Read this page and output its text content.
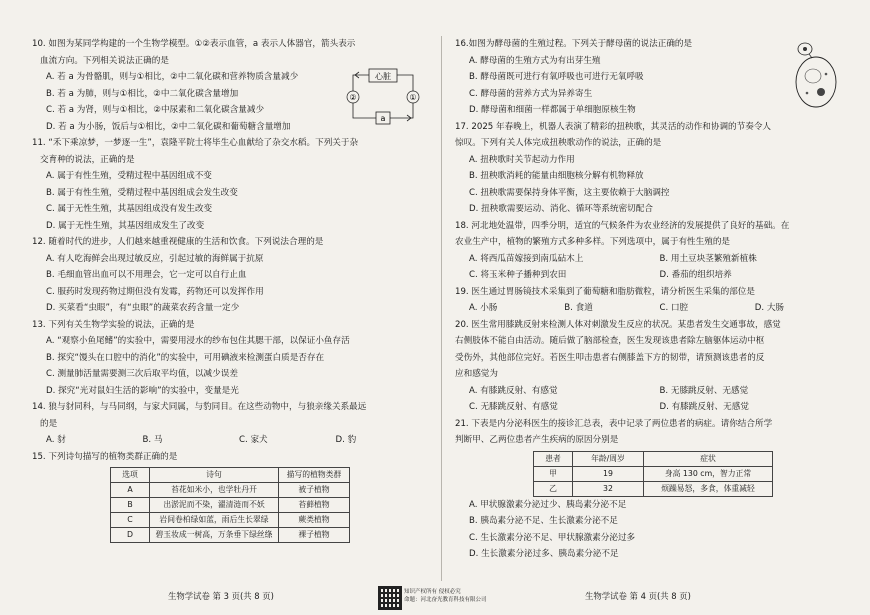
10. 如图为某同学构建的一个生物学模型。①②表示血管，a 表示人体器官，箭头表示
血流方向。下列相关说法正确的是
A. 若 a 为骨骼肌，则与①相比，②中二氧化碳和营养物质含量减少
B. 若 a 为肺，则与①相比，②中二氧化碳含量增加
C. 若 a 为肾，则与①相比，②中尿素和二氧化碳含量减少
D. 若 a 为小肠，饭后与①相比，②中二氧化碳和葡萄糖含量增加
11. “禾下乘凉梦，一梦逐一生”，袁隆平院士将毕生心血献给了杂交水稻。下列关于杂
交育种的说法，正确的是
A. 属于有性生殖，受精过程中基因组成不变
B. 属于有性生殖，受精过程中基因组成会发生改变
C. 属于无性生殖，其基因组成没有发生改变
D. 属于无性生殖，其基因组成发生了改变
12. 随着时代的进步，人们越来越重视健康的生活和饮食。下列说法合理的是
A. 有人吃海鲜会出现过敏反应，引起过敏的海鲜属于抗原
B. 毛细血管出血可以不用理会，它一定可以自行止血
C. 服药时发现药物过期但没有发霉，药物还可以发挥作用
D. 买菜看“虫眼”，有“虫眼”的蔬菜农药含量一定少
13. 下列有关生物学实验的说法，正确的是
A. “观察小鱼尾鳍”的实验中，需要用浸水的纱布包住其腮干部，以保证小鱼存活
B. 探究“馒头在口腔中的消化”的实验中，可用碘液来检测蛋白质是否存在
C. 测量肺活量需要测三次后取平均值，以减少误差
D. 探究“光对鼠妇生活的影响”的实验中，变量是光
14. 狼与豺同科，与马同纲，与家犬同属，与豹同目。在这些动物中，与狼亲缘关系最远
的是
A. 豺	B. 马	C. 家犬	D. 豹
15. 下列诗句描写的植物类群正确的是
选项	诗句	描写的植物类群
A	苔花如米小，也学牡丹开	被子植物
B	出淤泥而不染，濯清涟而不妖	苔藓植物
C	岩间卷柏绿如蓝，雨后生长翠绿	蕨类植物
D	碧玉妆成一树高，万条垂下绿丝绦	裸子植物
心脏
②	①
a
16.如图为酵母菌的生殖过程。下列关于酵母菌的说法正确的是
A. 酵母菌的生殖方式为有出芽生殖
B. 酵母菌既可进行有氧呼吸也可进行无氧呼吸
C. 酵母菌的营养方式为异养寄生
D. 酵母菌和细菌一样都属于单细胞原核生物
17. 2025 年春晚上，机器人表演了精彩的扭秧歌，其灵活的动作和协调的节奏令人
惊叹。下列有关人体完成扭秧歌动作的说法，正确的是
A. 扭秧歌时关节起动力作用
B. 扭秧歌消耗的能量由细胞核分解有机物释放
C. 扭秧歌需要保持身体平衡，这主要依赖于大脑调控
D. 扭秧歌需要运动、消化、循环等系统密切配合
18. 河北地处温带，四季分明，适宜的气候条件为农业经济的发展提供了良好的基础。在
农业生产中，植物的繁殖方式多种多样。下列选项中，属于有性生殖的是
A. 将西瓜苗嫁接到南瓜砧木上	B. 用土豆块茎繁殖新植株
C. 将玉米种子播种到农田	D. 番茄的组织培养
19. 医生通过胃肠镜技术采集到了葡萄糖和脂肪微粒，请分析医生采集的部位是
A. 小肠	B. 食道	C. 口腔	D. 大肠
20. 医生常用膝跳反射来检测人体对刺激发生反应的状况。某患者发生交通事故，感觉
右侧肢体不能自由活动。随后做了脑部检查，医生发现该患者除左脑躯体运动中枢
受伤外，其他部位完好。若医生叩击患者右侧膝盖下方的韧带，请预测该患者的反
应和感觉为
A. 有膝跳反射、有感觉	B. 无膝跳反射、无感觉
C. 无膝跳反射、有感觉	D. 有膝跳反射、无感觉
21. 下表是内分泌科医生的接诊汇总表，表中记录了两位患者的病症。请你结合所学
判断甲、乙两位患者产生疾病的原因分别是
患者	年龄/周岁	症状
甲	19	身高 130 cm，智力正常
乙	32	烦躁易怒，多食，体重减轻
A. 甲状腺激素分泌过少、胰岛素分泌不足
B. 胰岛素分泌不足、生长激素分泌不足
C. 生长激素分泌不足、甲状腺激素分泌过多
D. 生长激素分泌过多、胰岛素分泌不足
生物学试卷 第 3 页(共 8 页)	知识产权所有 侵权必究
命题：河北奋光教育科技有限公司	生物学试卷 第 4 页(共 8 页)
